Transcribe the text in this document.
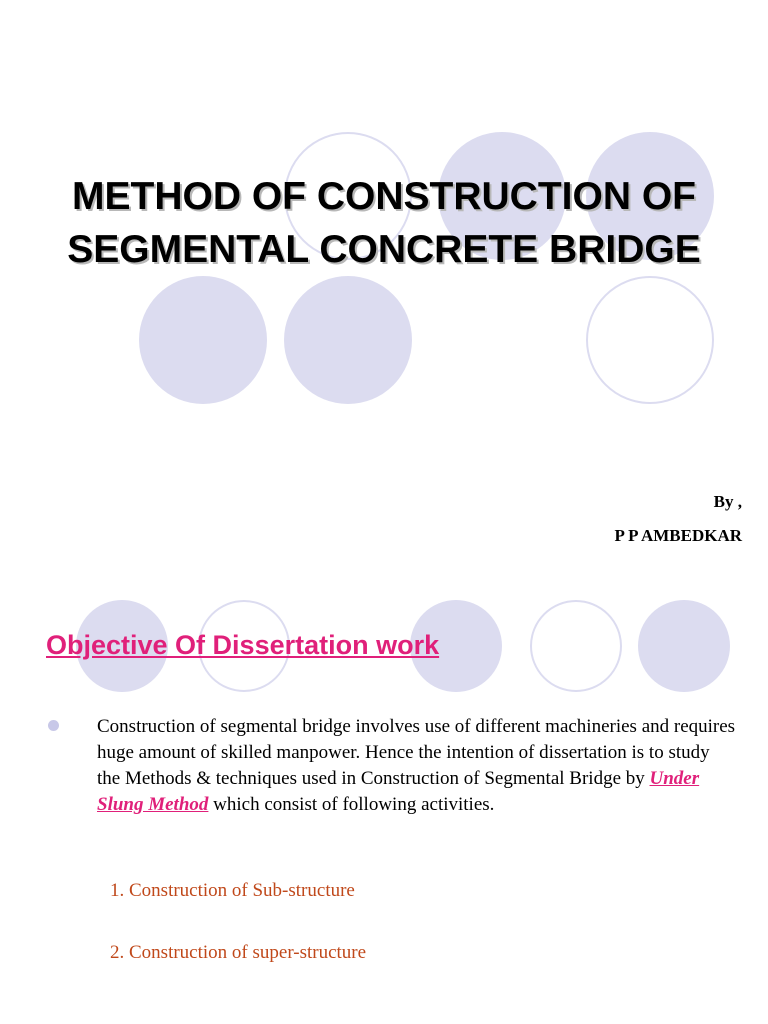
METHOD OF CONSTRUCTION OF
SEGMENTAL CONCRETE BRIDGE
By ,
P P AMBEDKAR
Objective Of Dissertation work

Construction of segmental bridge involves use of different machineries and requires huge amount of skilled manpower. Hence the intention of dissertation is to study the Methods & techniques used in Construction of Segmental Bridge by Under Slung Method which consist of following activities.

1. Construction of Sub-structure

2. Construction of super-structure
